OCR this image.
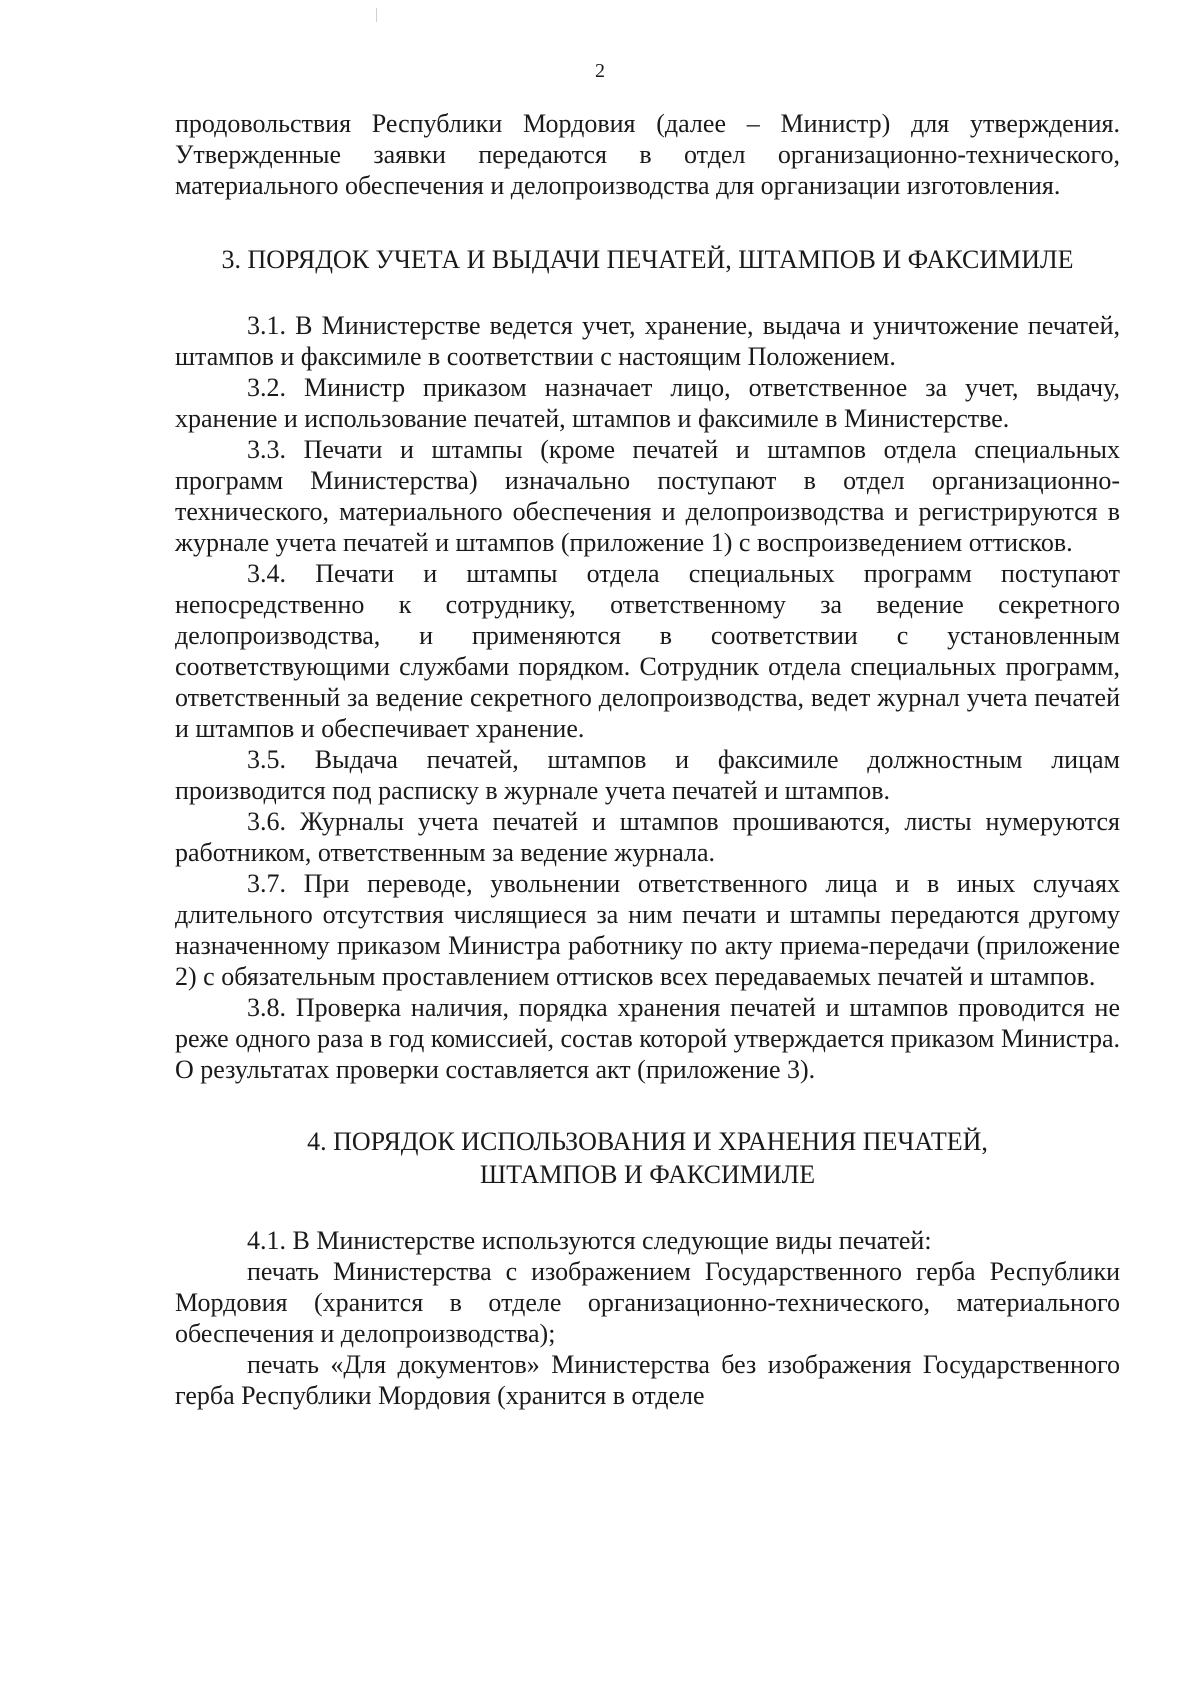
2

продовольствия Республики Мордовия (далее – Министр) для утверждения. Утвержденные заявки передаются в отдел организационно-технического, материального обеспечения и делопроизводства для организации изготовления.

3. ПОРЯДОК УЧЕТА И ВЫДАЧИ ПЕЧАТЕЙ, ШТАМПОВ И ФАКСИМИЛЕ

3.1. В Министерстве ведется учет, хранение, выдача и уничтожение печатей, штампов и факсимиле в соответствии с настоящим Положением.

3.2. Министр приказом назначает лицо, ответственное за учет, выдачу, хранение и использование печатей, штампов и факсимиле в Министерстве.

3.3. Печати и штампы (кроме печатей и штампов отдела специальных программ Министерства) изначально поступают в отдел организационно-технического, материального обеспечения и делопроизводства и регистрируются в журнале учета печатей и штампов (приложение 1) с воспроизведением оттисков.

3.4. Печати и штампы отдела специальных программ поступают непосредственно к сотруднику, ответственному за ведение секретного делопроизводства, и применяются в соответствии с установленным соответствующими службами порядком. Сотрудник отдела специальных программ, ответственный за ведение секретного делопроизводства, ведет журнал учета печатей и штампов и обеспечивает хранение.

3.5. Выдача печатей, штампов и факсимиле должностным лицам производится под расписку в журнале учета печатей и штампов.

3.6. Журналы учета печатей и штампов прошиваются, листы нумеруются работником, ответственным за ведение журнала.

3.7. При переводе, увольнении ответственного лица и в иных случаях длительного отсутствия числящиеся за ним печати и штампы передаются другому назначенному приказом Министра работнику по акту приема-передачи (приложение 2) с обязательным проставлением оттисков всех передаваемых печатей и штампов.

3.8. Проверка наличия, порядка хранения печатей и штампов проводится не реже одного раза в год комиссией, состав которой утверждается приказом Министра. О результатах проверки составляется акт (приложение 3).

4. ПОРЯДОК ИСПОЛЬЗОВАНИЯ И ХРАНЕНИЯ ПЕЧАТЕЙ,

ШТАМПОВ И ФАКСИМИЛЕ

4.1. В Министерстве используются следующие виды печатей:

печать Министерства с изображением Государственного герба Республики Мордовия (хранится в отделе организационно-технического, материального обеспечения и делопроизводства);

печать «Для документов» Министерства без изображения Государственного герба Республики Мордовия (хранится в отделе
